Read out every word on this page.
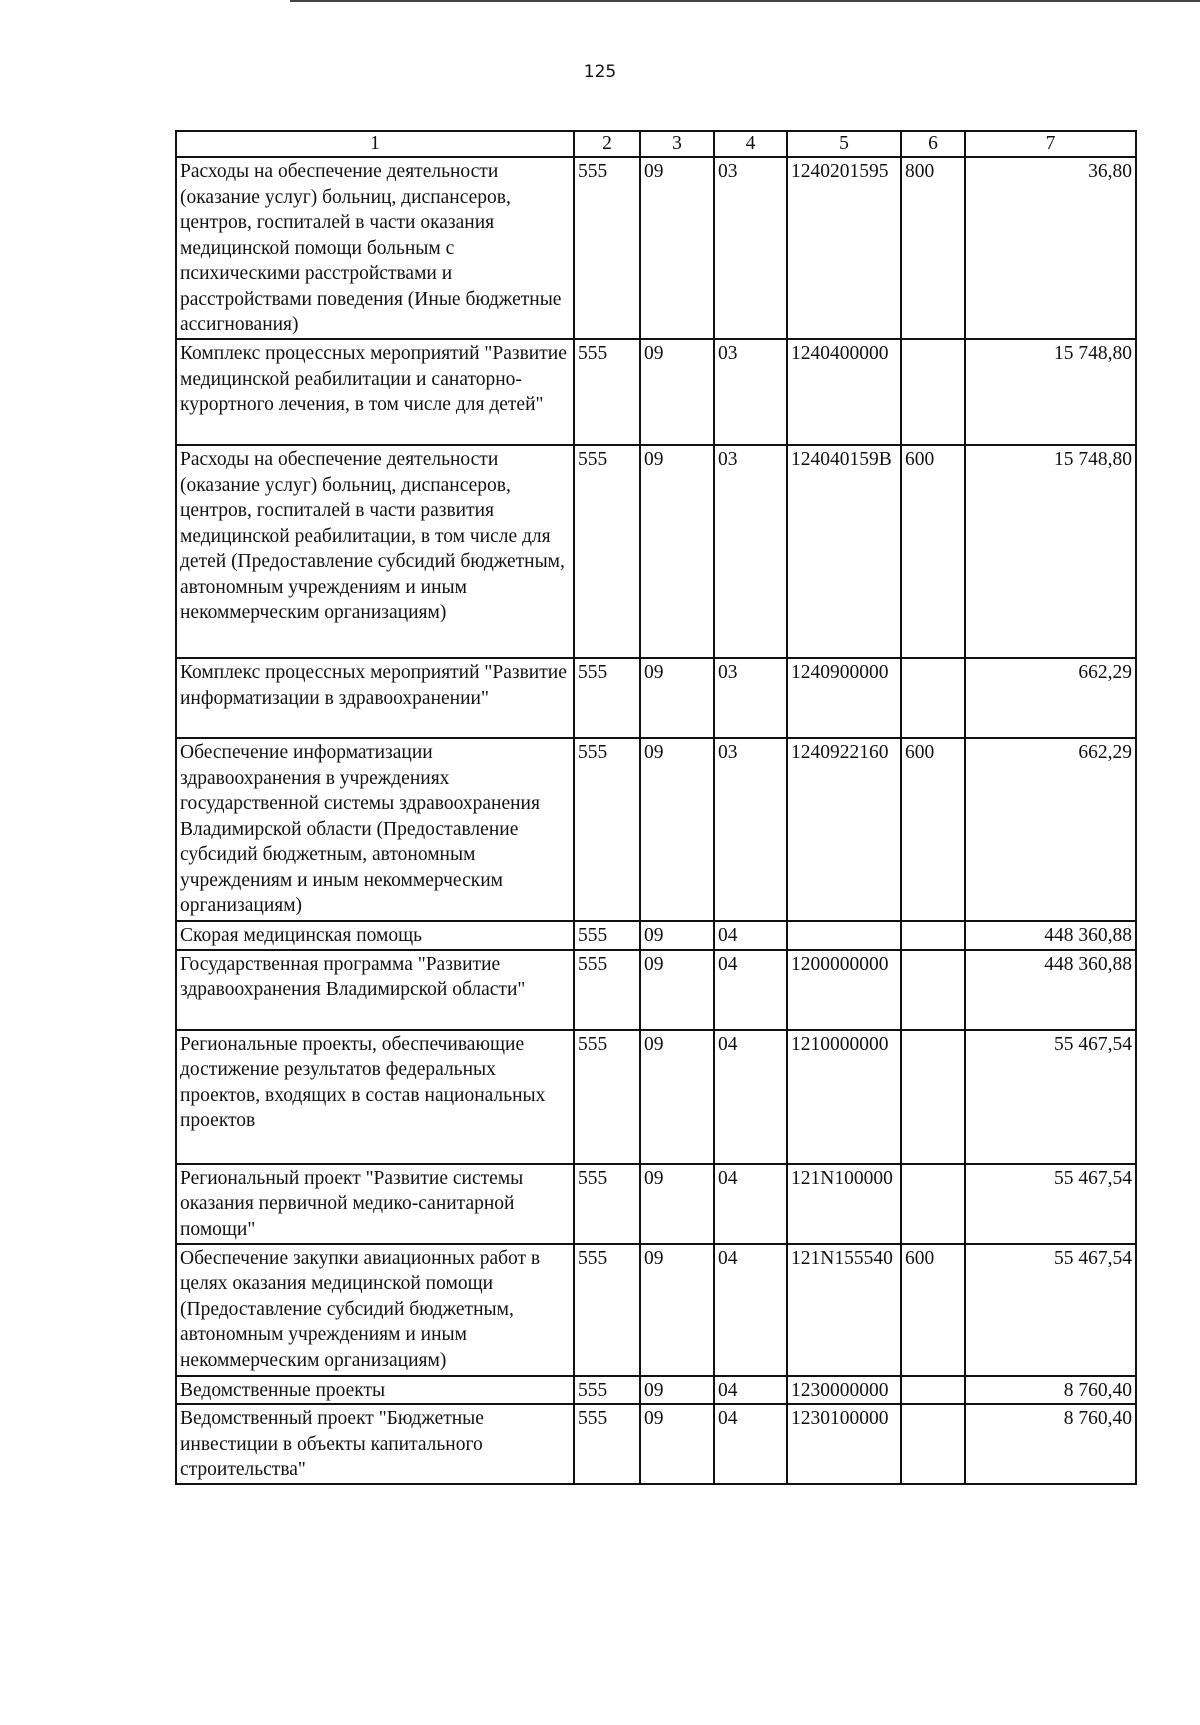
125
1	2	3	4	5	6	7
Расходы на обеспечение деятельности (оказание услуг) больниц, диспансеров, центров, госпиталей в части оказания медицинской помощи больным с психическими расстройствами и расстройствами поведения (Иные бюджетные ассигнования)	555	09	03	1240201595	800	36,80
Комплекс процессных мероприятий "Развитие медицинской реабилитации и санаторно-курортного лечения, в том числе для детей"	555	09	03	1240400000		15 748,80
Расходы на обеспечение деятельности (оказание услуг) больниц, диспансеров, центров, госпиталей в части развития медицинской реабилитации, в том числе для детей (Предоставление субсидий бюджетным, автономным учреждениям и иным некоммерческим организациям)	555	09	03	124040159В	600	15 748,80
Комплекс процессных мероприятий "Развитие информатизации в здравоохранении"	555	09	03	1240900000		662,29
Обеспечение информатизации здравоохранения в учреждениях государственной системы здравоохранения Владимирской области (Предоставление субсидий бюджетным, автономным учреждениям и иным некоммерческим организациям)	555	09	03	1240922160	600	662,29
Скорая медицинская помощь	555	09	04			448 360,88
Государственная программа "Развитие здравоохранения Владимирской области"	555	09	04	1200000000		448 360,88
Региональные проекты, обеспечивающие достижение результатов федеральных проектов, входящих в состав национальных проектов	555	09	04	1210000000		55 467,54
Региональный проект "Развитие системы оказания первичной медико-санитарной помощи"	555	09	04	121N100000		55 467,54
Обеспечение закупки авиационных работ в целях оказания медицинской помощи (Предоставление субсидий бюджетным, автономным учреждениям и иным некоммерческим организациям)	555	09	04	121N155540	600	55 467,54
Ведомственные проекты	555	09	04	1230000000		8 760,40
Ведомственный проект "Бюджетные инвестиции в объекты капитального строительства"	555	09	04	1230100000		8 760,40
